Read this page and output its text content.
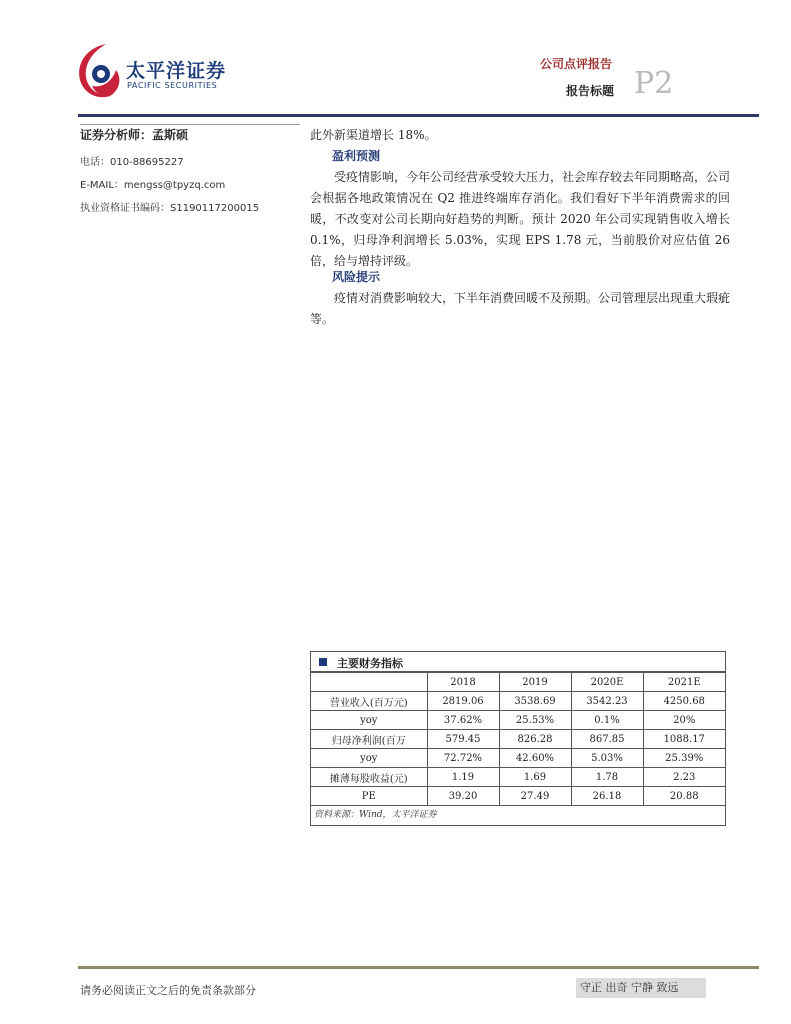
太平洋证券
PACIFIC SECURITIES
公司点评报告
报告标题 P2
证券分析师：孟斯硕
电话：010-88695227
E-MAIL：mengss@tpyzq.com
执业资格证书编码：S1190117200015

此外新渠道增长 18%。

盈利预测

受疫情影响，今年公司经营承受较大压力，社会库存较去年同期略高，公司会根据各地政策情况在 Q2 推进终端库存消化。我们看好下半年消费需求的回暖，不改变对公司长期向好趋势的判断。预计 2020 年公司实现销售收入增长 0.1%，归母净利润增长 5.03%，实现 EPS 1.78 元，当前股价对应估值 26 倍，给与增持评级。

风险提示

疫情对消费影响较大，下半年消费回暖不及预期。公司管理层出现重大瑕疵等。

主要财务指标
	2018	2019	2020E	2021E
营业收入(百万元)	2819.06	3538.69	3542.23	4250.68
yoy	37.62%	25.53%	0.1%	20%
归母净利润(百万	579.45	826.28	867.85	1088.17
yoy	72.72%	42.60%	5.03%	25.39%
摊薄每股收益(元)	1.19	1.69	1.78	2.23
PE	39.20	27.49	26.18	20.88
资料来源：Wind，太平洋证券
请务必阅读正文之后的免责条款部分	守正 出奇 宁静 致远
